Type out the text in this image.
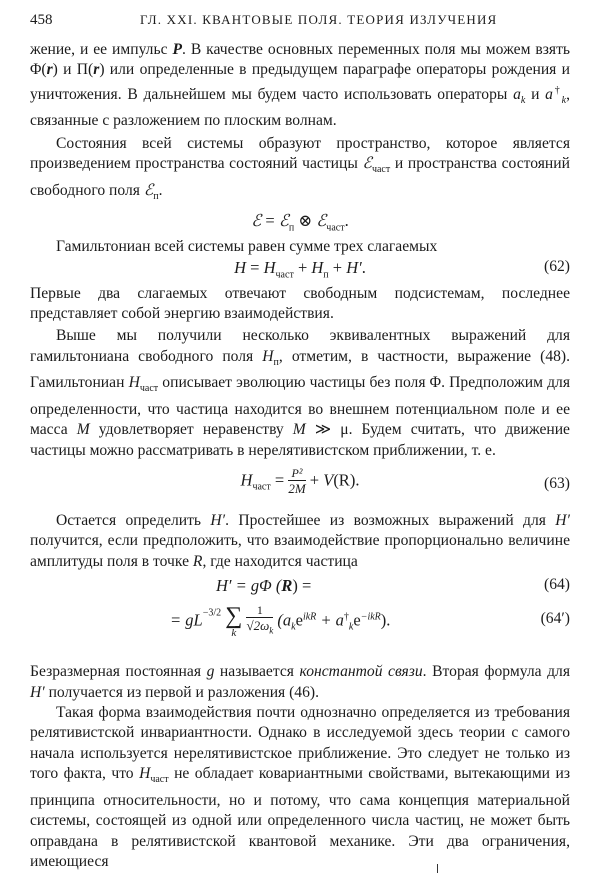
458	ГЛ. XXI. КВАНТОВЫЕ ПОЛЯ. ТЕОРИЯ ИЗЛУЧЕНИЯ

жение, и ее импульс P. В качестве основных переменных поля мы можем взять Φ(r) и Π(r) или определенные в предыдущем параграфе операторы рождения и уничтожения. В дальнейшем мы будем часто использовать операторы $a_k$ и $a^\dagger_k$, связанные с разложением по плоским волнам.

Состояния всей системы образуют пространство, которое является произведением пространства состояний частицы ℰ$_{част}$ и пространства состояний свободного поля ℰ$_п$.

ℰ = ℰ$_п$ ⊗ ℰ$_{част}$.

Гамильтониан всей системы равен сумме трех слагаемых

$H = H_{част} + H_п + H'$.	(62)

Первые два слагаемых отвечают свободным подсистемам, последнее представляет собой энергию взаимодействия.

Выше мы получили несколько эквивалентных выражений для гамильтониана свободного поля $H_п$, отметим, в частности, выражение (48). Гамильтониан $H_{част}$ описывает эволюцию частицы без поля Φ. Предположим для определенности, что частица находится во внешнем потенциальном поле и ее масса M удовлетворяет неравенству M ≫ μ. Будем считать, что движение частицы можно рассматривать в нерелятивистском приближении, т. е.

$H_{част} = \frac{\text{P²}}{2M} + V(R)$.	(63)

Остается определить H′. Простейшее из возможных выражений для H′ получится, если предположить, что взаимодействие пропорционально величине амплитуды поля в точке R, где находится частица

H′ = gΦ (R) =	(64)
= $gL^{-3/2}$ ∑
k
$\frac{1}{√2\omega_k} (a_ke^{ikR} + a^\dagger_ke^{-ikR})$.	(64′)

Безразмерная постоянная g называется константой связи. Вторая формула для H′ получается из первой и разложения (46).

Такая форма взаимодействия почти однозначно определяется из требования релятивистской инвариантности. Однако в исследуемой здесь теории с самого начала используется нерелятивистское приближение. Это следует не только из того факта, что $H_{част}$ не обладает ковариантными свойствами, вытекающими из принципа относительности, но и потому, что сама концепция материальной системы, состоящей из одной или определенного числа частиц, не может быть оправдана в релятивистской квантовой механике. Эти два ограничения, имеющиеся
